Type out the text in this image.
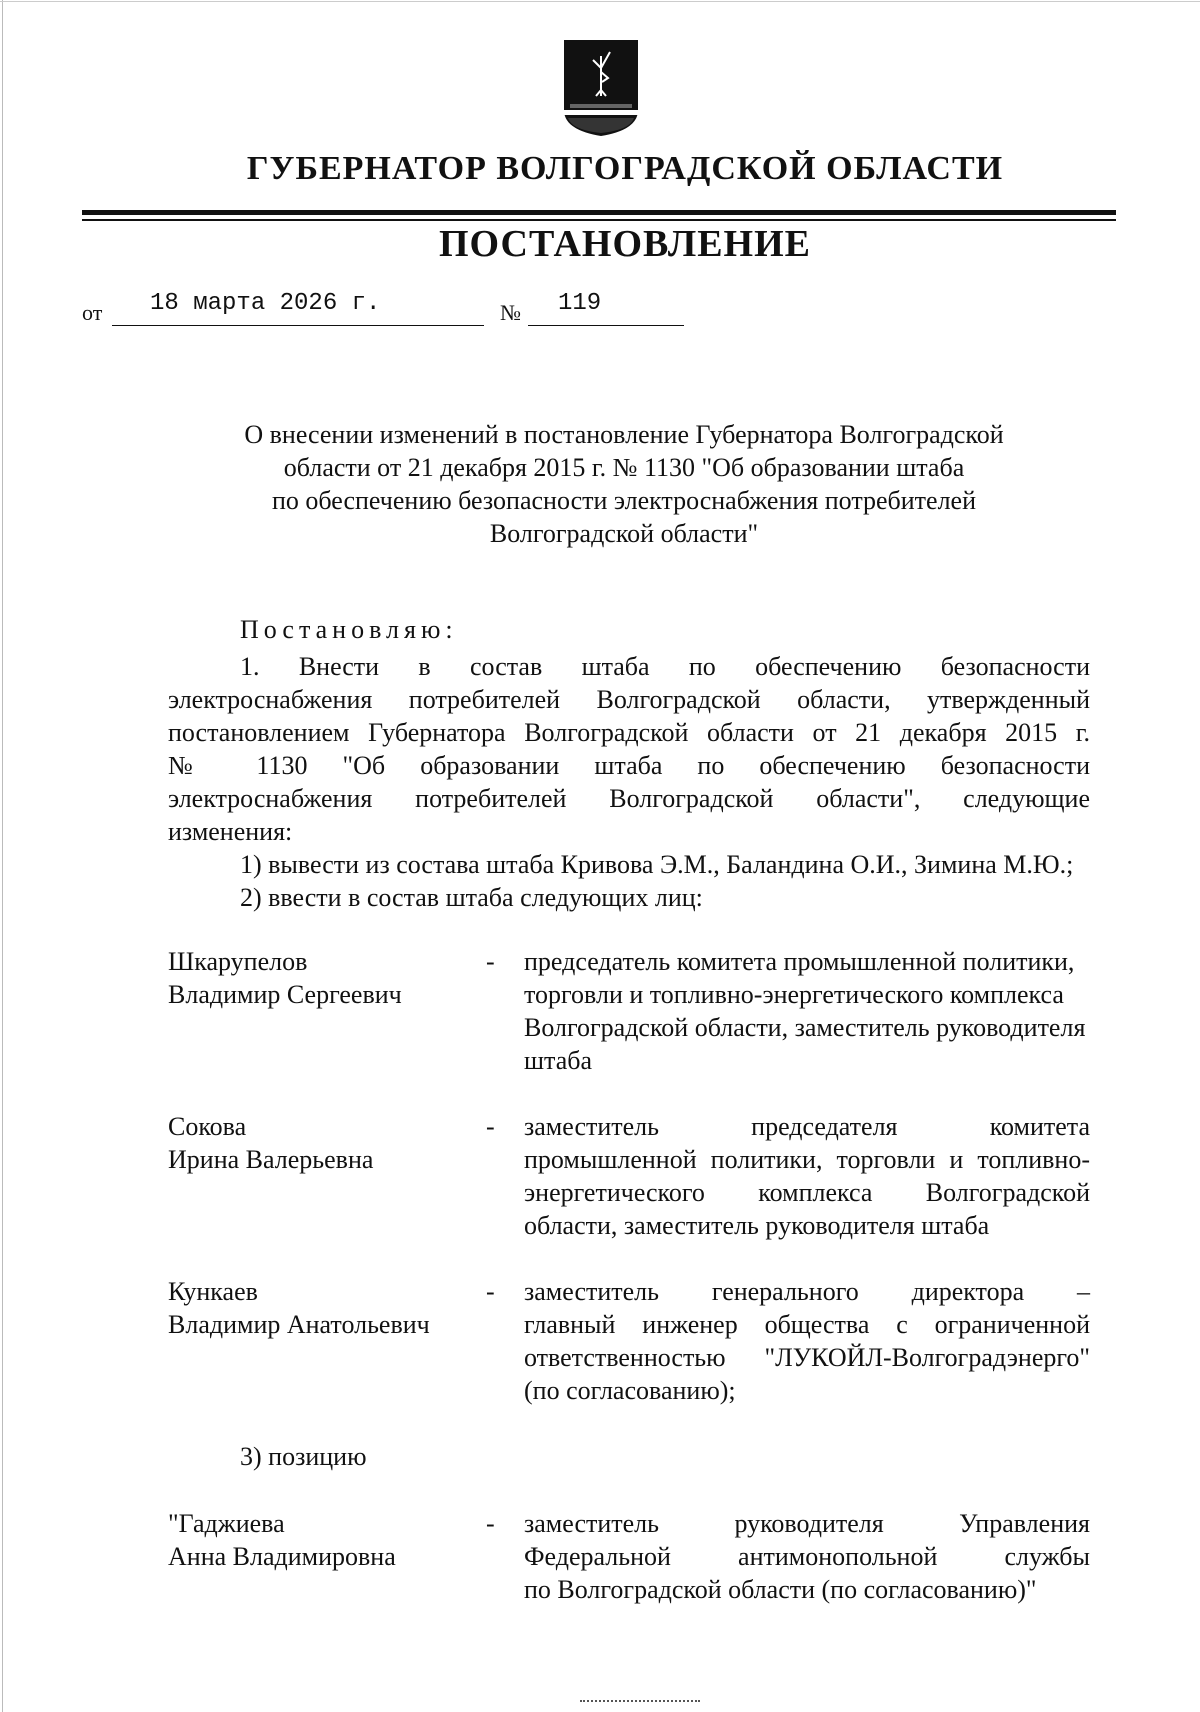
ГУБЕРНАТОР ВОЛГОГРАДСКОЙ ОБЛАСТИ
ПОСТАНОВЛЕНИЕ
от 18 марта 2026 г.	№ 119
О внесении изменений в постановление Губернатора Волгоградской
области от 21 декабря 2015 г. № 1130 "Об образовании штаба
по обеспечению безопасности электроснабжения потребителей
Волгоградской области"
Постановляю:
1. Внести в состав штаба по обеспечению безопасности
электроснабжения потребителей Волгоградской области, утвержденный
постановлением Губернатора Волгоградской области от 21 декабря 2015 г.
№ 1130 "Об образовании штаба по обеспечению безопасности
электроснабжения потребителей Волгоградской области", следующие
изменения:
1) вывести из состава штаба Кривова Э.М., Баландина О.И., Зимина М.Ю.;
2) ввести в состав штаба следующих лиц:
Шкарупелов
Владимир Сергеевич
- председатель комитета промышленной политики,
торговли и топливно-энергетического комплекса
Волгоградской области, заместитель руководителя
штаба
Сокова
Ирина Валерьевна
- заместитель председателя комитета
промышленной политики, торговли и топливно-
энергетического комплекса Волгоградской
области, заместитель руководителя штаба
Кункаев
Владимир Анатольевич
- заместитель генерального директора –
главный инженер общества с ограниченной
ответственностью "ЛУКОЙЛ-Волгоградэнерго"
(по согласованию);
3) позицию
"Гаджиева
Анна Владимировна
- заместитель руководителя Управления
Федеральной антимонопольной службы
по Волгоградской области (по согласованию)"
